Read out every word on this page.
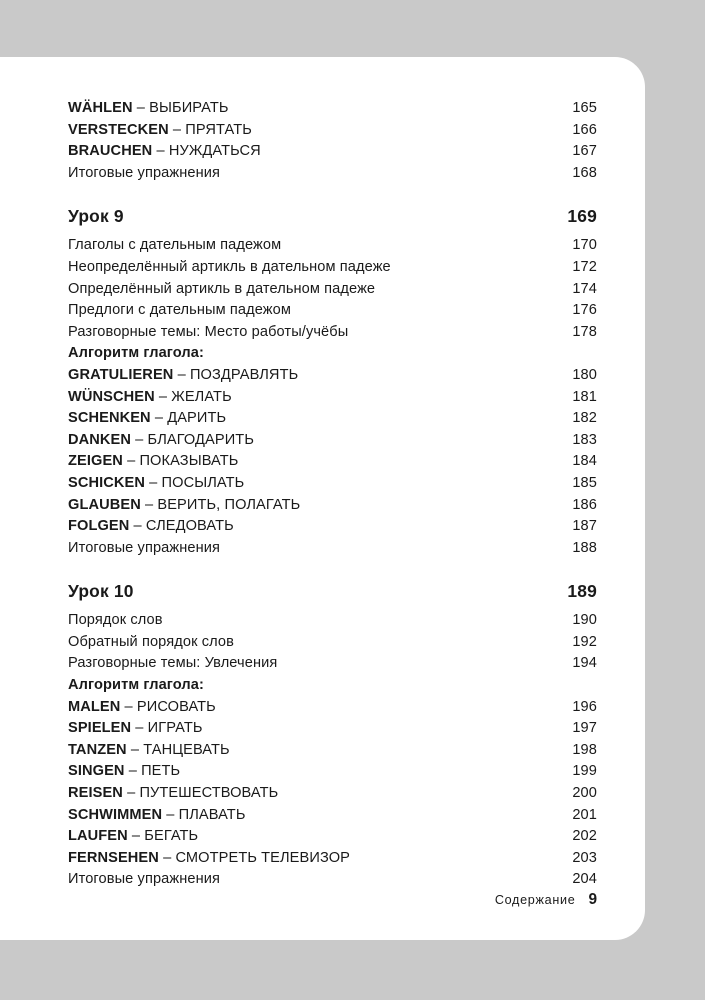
WÄHLEN – ВЫБИРАТЬ	165
VERSTECKEN – ПРЯТАТЬ	166
BRAUCHEN – НУЖДАТЬСЯ	167
Итоговые упражнения	168
Урок 9	169
Глаголы с дательным падежом	170
Неопределённый артикль в дательном падеже	172
Определённый артикль в дательном падеже	174
Предлоги с дательным падежом	176
Разговорные темы: Место работы/учёбы	178
Алгоритм глагола:
GRATULIEREN – ПОЗДРАВЛЯТЬ	180
WÜNSCHEN – ЖЕЛАТЬ	181
SCHENKEN – ДАРИТЬ	182
DANKEN – БЛАГОДАРИТЬ	183
ZEIGEN – ПОКАЗЫВАТЬ	184
SCHICKEN – ПОСЫЛАТЬ	185
GLAUBEN – ВЕРИТЬ, ПОЛАГАТЬ	186
FOLGEN – СЛЕДОВАТЬ	187
Итоговые упражнения	188
Урок 10	189
Порядок слов	190
Обратный порядок слов	192
Разговорные темы: Увлечения	194
Алгоритм глагола:
MALEN – РИСОВАТЬ	196
SPIELEN – ИГРАТЬ	197
TANZEN – ТАНЦЕВАТЬ	198
SINGEN – ПЕТЬ	199
REISEN – ПУТЕШЕСТВОВАТЬ	200
SCHWIMMEN – ПЛАВАТЬ	201
LAUFEN – БЕГАТЬ	202
FERNSEHEN – СМОТРЕТЬ ТЕЛЕВИЗОР	203
Итоговые упражнения	204
Содержание 9
